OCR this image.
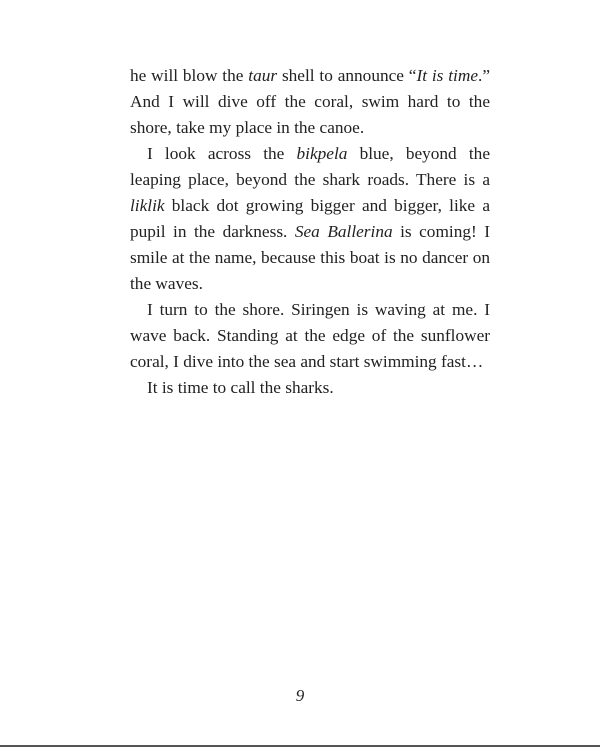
he will blow the taur shell to announce “It is time.” And I will dive off the coral, swim hard to the shore, take my place in the canoe.

I look across the bikpela blue, beyond the leaping place, beyond the shark roads. There is a liklik black dot growing bigger and bigger, like a pupil in the darkness. Sea Ballerina is coming! I smile at the name, because this boat is no dancer on the waves.

I turn to the shore. Siringen is waving at me. I wave back. Standing at the edge of the sunflower coral, I dive into the sea and start swimming fast…

It is time to call the sharks.

9
